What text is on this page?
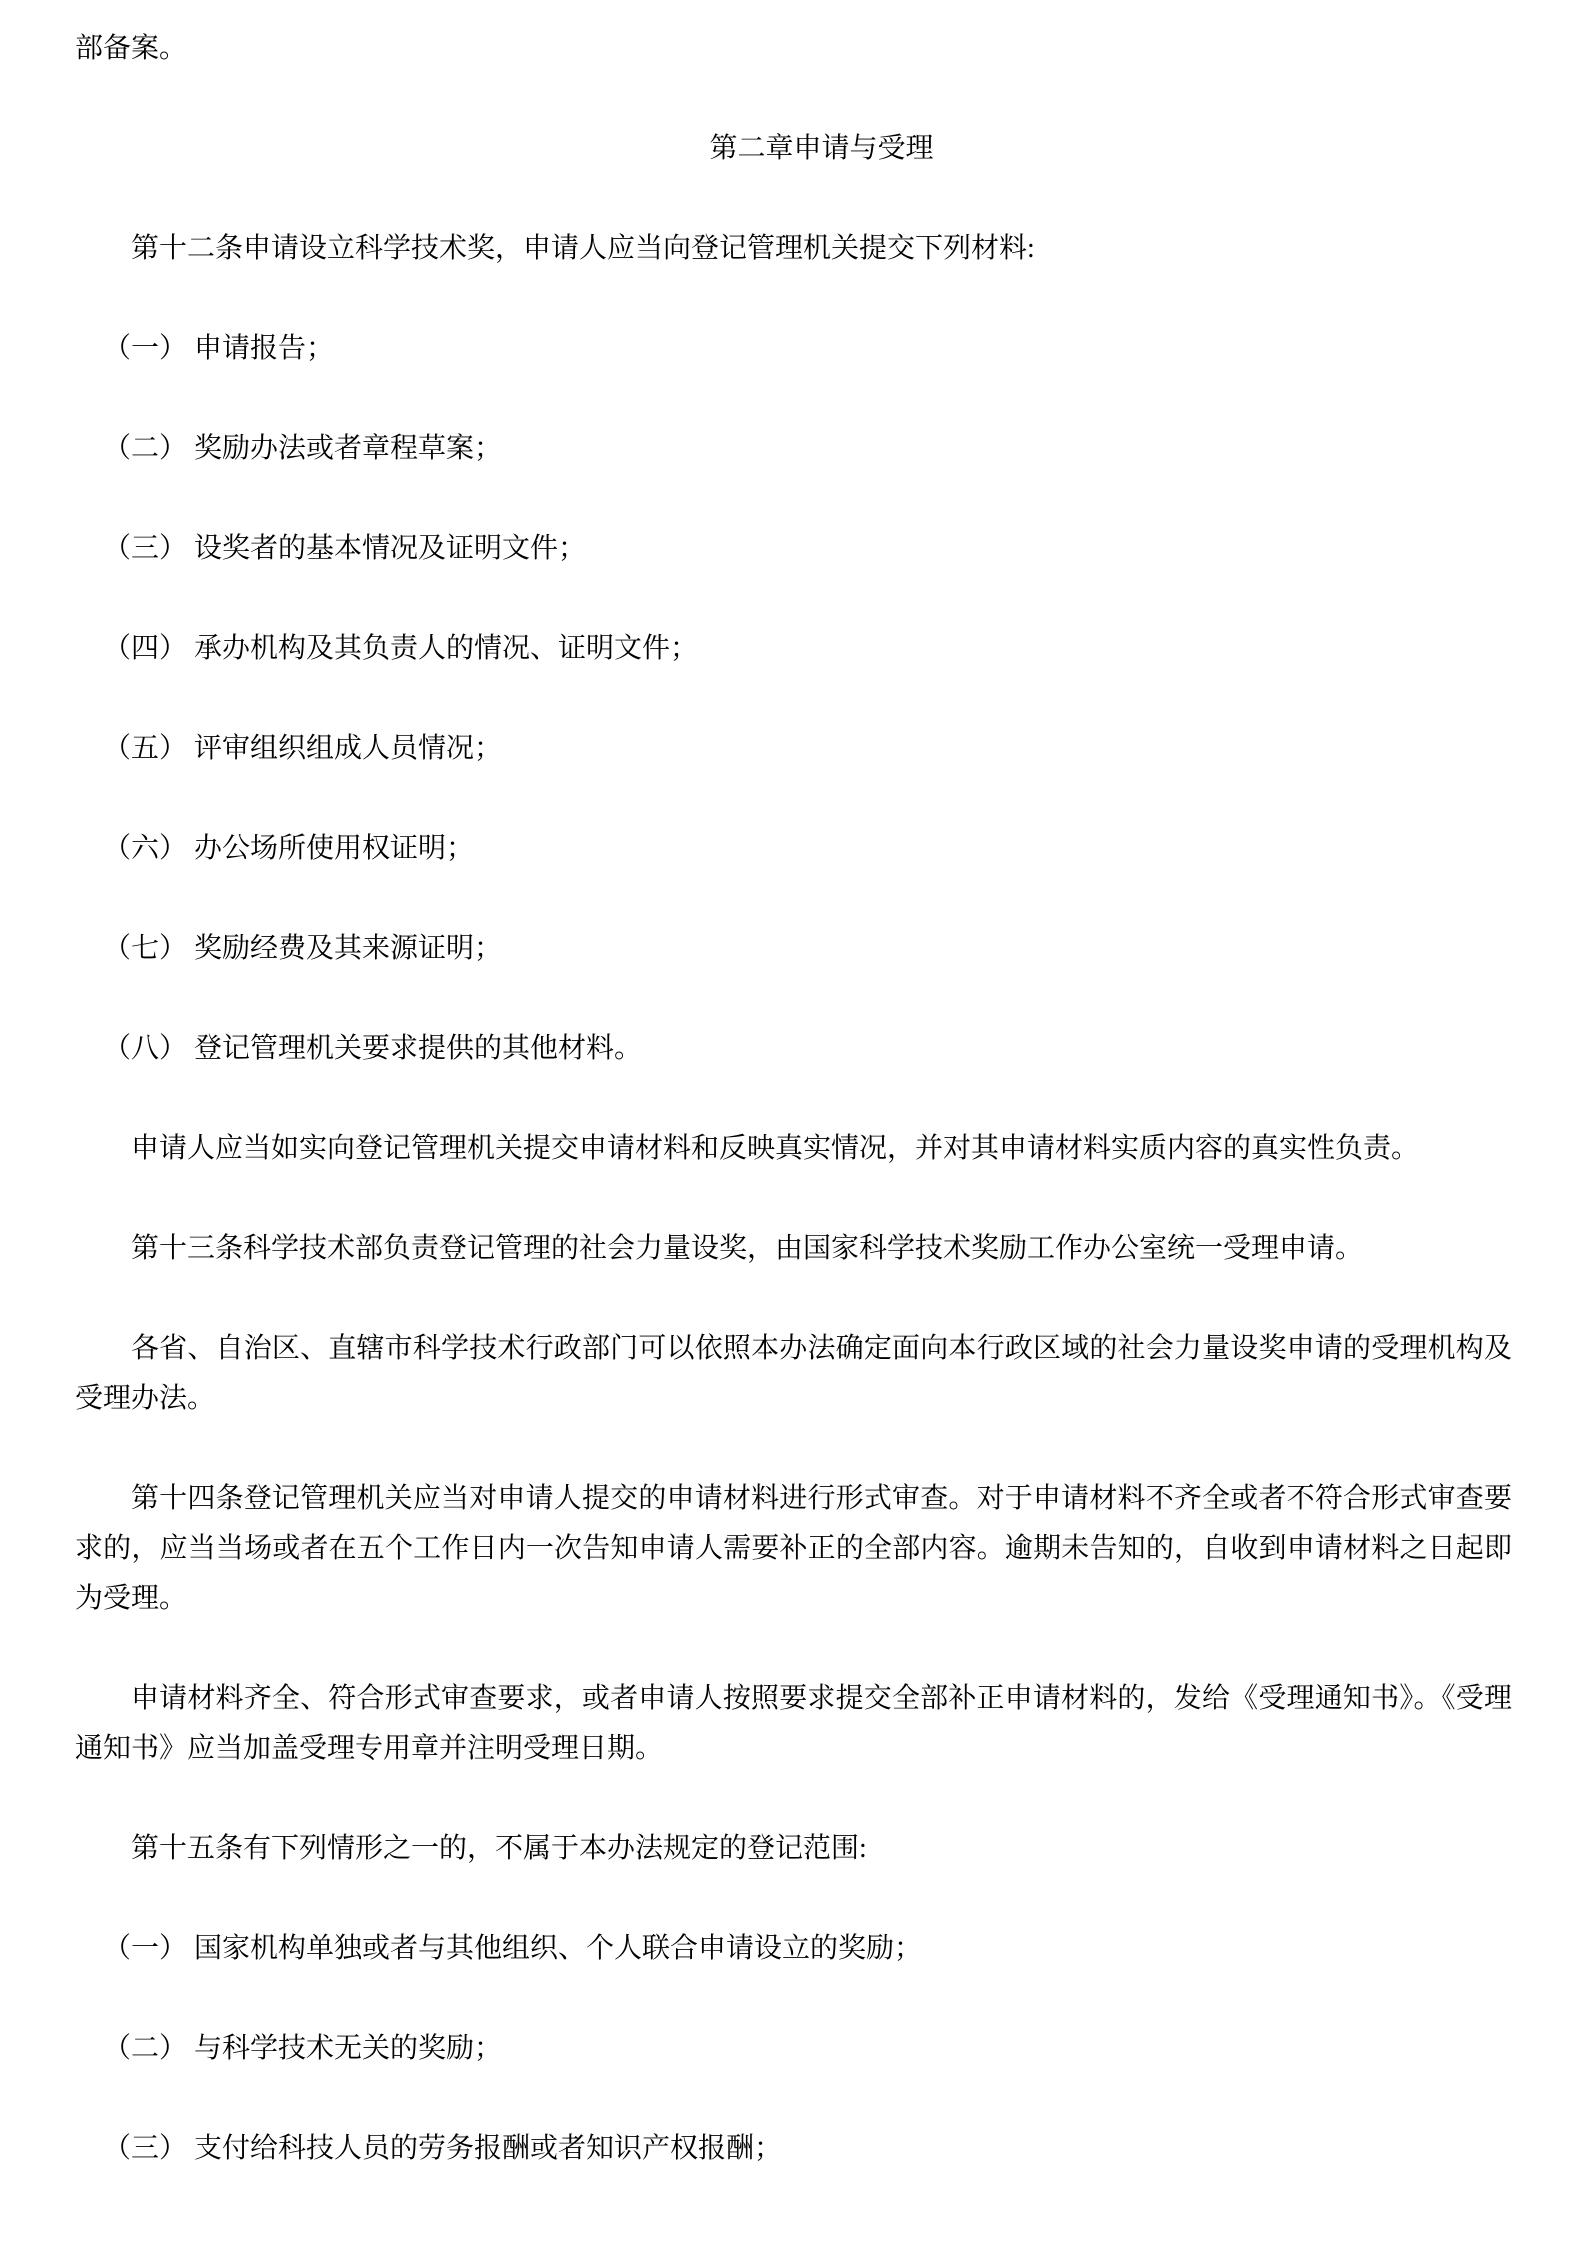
部备案。

第二章申请与受理

第十二条申请设立科学技术奖，申请人应当向登记管理机关提交下列材料:

（一） 申请报告；

（二） 奖励办法或者章程草案；

（三） 设奖者的基本情况及证明文件；

（四） 承办机构及其负责人的情况、证明文件；

（五） 评审组织组成人员情况；

（六） 办公场所使用权证明；

（七） 奖励经费及其来源证明；

（八） 登记管理机关要求提供的其他材料。

申请人应当如实向登记管理机关提交申请材料和反映真实情况，并对其申请材料实质内容的真实性负责。

第十三条科学技术部负责登记管理的社会力量设奖，由国家科学技术奖励工作办公室统一受理申请。

各省、自治区、直辖市科学技术行政部门可以依照本办法确定面向本行政区域的社会力量设奖申请的受理机构及受理办法。

第十四条登记管理机关应当对申请人提交的申请材料进行形式审查。对于申请材料不齐全或者不符合形式审查要求的，应当当场或者在五个工作日内一次告知申请人需要补正的全部内容。逾期未告知的，自收到申请材料之日起即为受理。

申请材料齐全、符合形式审查要求，或者申请人按照要求提交全部补正申请材料的，发给《受理通知书》。《受理通知书》应当加盖受理专用章并注明受理日期。

第十五条有下列情形之一的，不属于本办法规定的登记范围:

（一） 国家机构单独或者与其他组织、个人联合申请设立的奖励；

（二） 与科学技术无关的奖励；

（三） 支付给科技人员的劳务报酬或者知识产权报酬；
